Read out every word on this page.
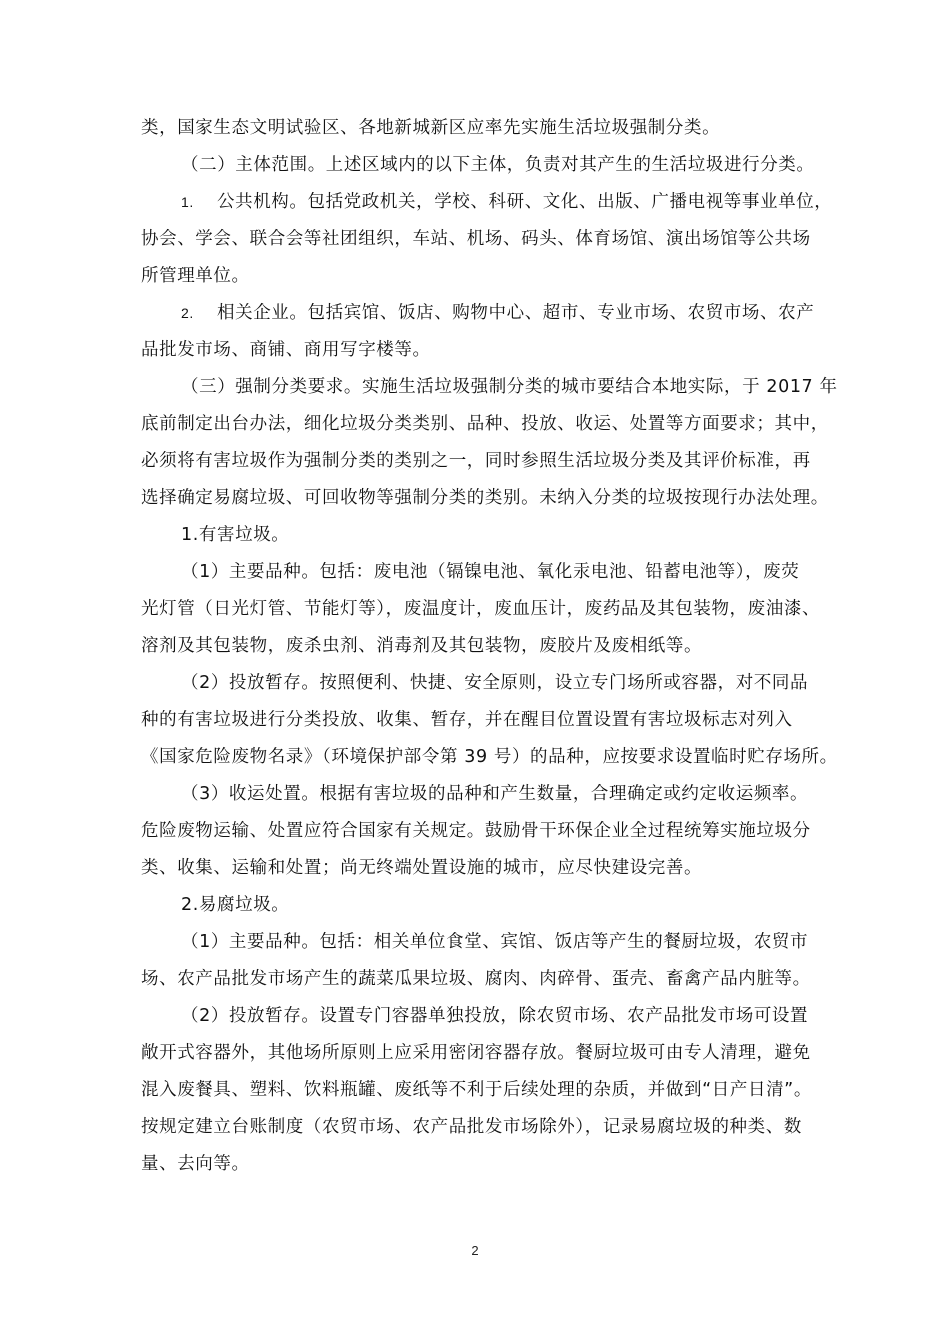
类，国家生态文明试验区、各地新城新区应率先实施生活垃圾强制分类。
（二）主体范围。上述区域内的以下主体，负责对其产生的生活垃圾进行分类。
1. 公共机构。包括党政机关，学校、科研、文化、出版、广播电视等事业单位，
协会、学会、联合会等社团组织，车站、机场、码头、体育场馆、演出场馆等公共场
所管理单位。
2. 相关企业。包括宾馆、饭店、购物中心、超市、专业市场、农贸市场、农产
品批发市场、商铺、商用写字楼等。
（三）强制分类要求。实施生活垃圾强制分类的城市要结合本地实际，于 2017 年
底前制定出台办法，细化垃圾分类类别、品种、投放、收运、处置等方面要求；其中，
必须将有害垃圾作为强制分类的类别之一，同时参照生活垃圾分类及其评价标准，再
选择确定易腐垃圾、可回收物等强制分类的类别。未纳入分类的垃圾按现行办法处理。
1.有害垃圾。
（1）主要品种。包括：废电池（镉镍电池、氧化汞电池、铅蓄电池等），废荧
光灯管（日光灯管、节能灯等），废温度计，废血压计，废药品及其包装物，废油漆、
溶剂及其包装物，废杀虫剂、消毒剂及其包装物，废胶片及废相纸等。
（2）投放暂存。按照便利、快捷、安全原则，设立专门场所或容器，对不同品
种的有害垃圾进行分类投放、收集、暂存，并在醒目位置设置有害垃圾标志对列入
《国家危险废物名录》（环境保护部令第 39 号）的品种，应按要求设置临时贮存场所。
（3）收运处置。根据有害垃圾的品种和产生数量，合理确定或约定收运频率。
危险废物运输、处置应符合国家有关规定。鼓励骨干环保企业全过程统筹实施垃圾分
类、收集、运输和处置；尚无终端处置设施的城市，应尽快建设完善。
2.易腐垃圾。
（1）主要品种。包括：相关单位食堂、宾馆、饭店等产生的餐厨垃圾，农贸市
场、农产品批发市场产生的蔬菜瓜果垃圾、腐肉、肉碎骨、蛋壳、畜禽产品内脏等。
（2）投放暂存。设置专门容器单独投放，除农贸市场、农产品批发市场可设置
敞开式容器外，其他场所原则上应采用密闭容器存放。餐厨垃圾可由专人清理，避免
混入废餐具、塑料、饮料瓶罐、废纸等不利于后续处理的杂质，并做到“日产日清”。
按规定建立台账制度（农贸市场、农产品批发市场除外），记录易腐垃圾的种类、数
量、去向等。
2
